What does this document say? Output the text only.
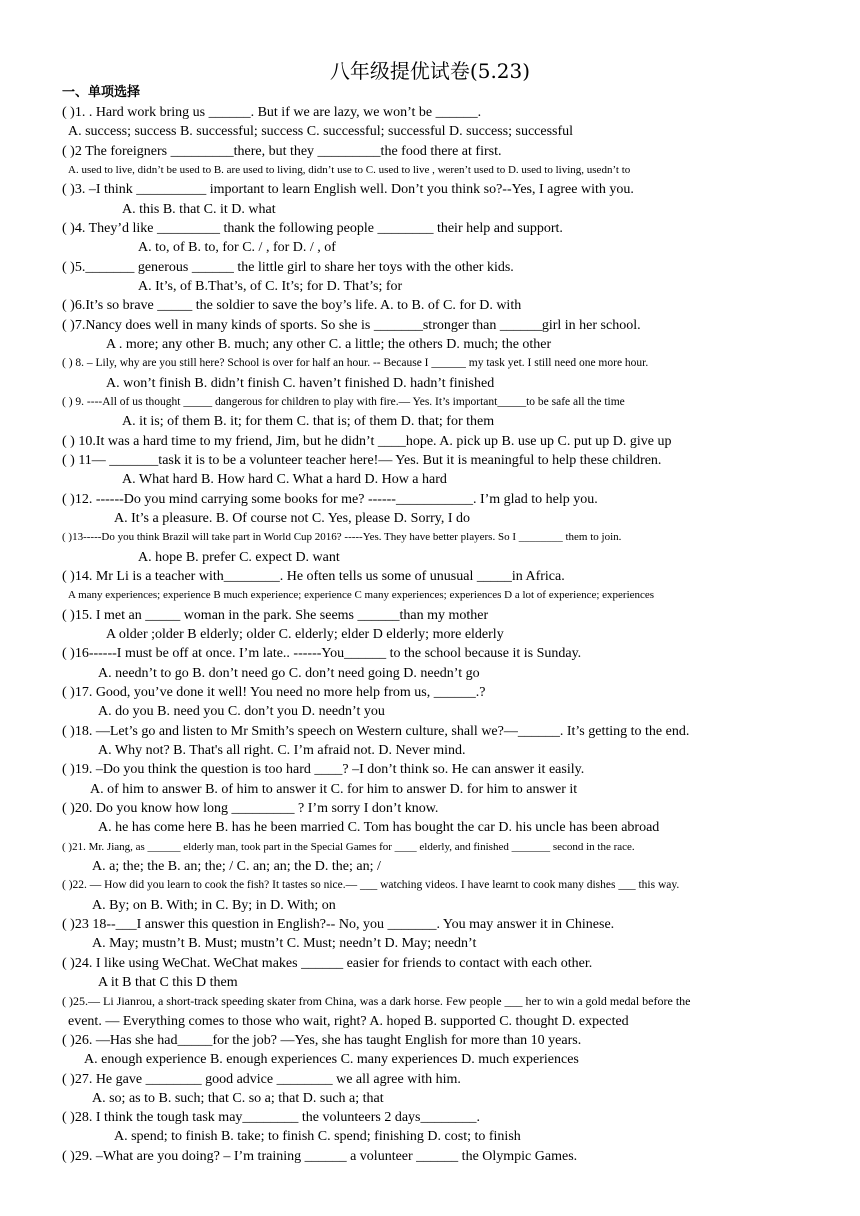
八年级提优试卷(5.23)
一、单项选择
( )1. . Hard work bring us ______. But if we are lazy, we won’t be ______.
A. success; success B. successful; success C. successful; successful D. success; successful
( )2 The foreigners _________there, but they _________the food there at first.
A. used to live, didn’t be used to B. are used to living, didn’t use to C. used to live , weren’t used to D. used to living, usedn’t to
( )3. –I think __________ important to learn English well. Don’t you think so?--Yes, I agree with you.
A. this B. that C. it D. what
( )4. They’d like _________ thank the following people ________ their help and support.
A. to, of B. to, for C. / , for D. / , of
( )5._______ generous ______ the little girl to share her toys with the other kids.
A. It’s, of B.That’s, of C. It’s; for D. That’s; for
( )6.It’s so brave _____ the soldier to save the boy’s life. A. to B. of C. for D. with
( )7.Nancy does well in many kinds of sports. So she is _______stronger than ______girl in her school.
A . more; any other B. much; any other C. a little; the others D. much; the other
( ) 8. – Lily, why are you still here? School is over for half an hour. -- Because I ______ my task yet. I still need one more hour.
A. won’t finish B. didn’t finish C. haven’t finished D. hadn’t finished
( ) 9. ----All of us thought _____ dangerous for children to play with fire.— Yes. It’s important_____to be safe all the time
A. it is; of them B. it; for them C. that is; of them D. that; for them
( ) 10.It was a hard time to my friend, Jim, but he didn’t ____hope. A. pick up B. use up C. put up D. give up
( ) 11— _______task it is to be a volunteer teacher here!— Yes. But it is meaningful to help these children.
A. What hard B. How hard C. What a hard D. How a hard
( )12. ------Do you mind carrying some books for me? ------___________. I’m glad to help you.
A. It’s a pleasure. B. Of course not C. Yes, please D. Sorry, I do
( )13-----Do you think Brazil will take part in World Cup 2016? -----Yes. They have better players. So I ________ them to join.
A. hope B. prefer C. expect D. want
( )14. Mr Li is a teacher with________. He often tells us some of unusual _____in Africa.
A many experiences; experience B much experience; experience C many experiences; experiences D a lot of experience; experiences
( )15. I met an _____ woman in the park. She seems ______than my mother
A older ;older B elderly; older C. elderly; elder D elderly; more elderly
( )16------I must be off at once. I’m late.. ------You______ to the school because it is Sunday.
A. needn’t to go B. don’t need go C. don’t need going D. needn’t go
( )17. Good, you’ve done it well! You need no more help from us, ______.?
A. do you B. need you C. don’t you D. needn’t you
( )18. —Let’s go and listen to Mr Smith’s speech on Western culture, shall we?—______. It’s getting to the end.
A. Why not? B. That's all right. C. I’m afraid not. D. Never mind.
( )19. –Do you think the question is too hard ____? –I don’t think so. He can answer it easily.
A. of him to answer B. of him to answer it C. for him to answer D. for him to answer it
( )20. Do you know how long _________ ? I’m sorry I don’t know.
A. he has come here B. has he been married C. Tom has bought the car D. his uncle has been abroad
( )21. Mr. Jiang, as ______ elderly man, took part in the Special Games for ____ elderly, and finished _______ second in the race.
A. a; the; the B. an; the; / C. an; an; the D. the; an; /
( )22. — How did you learn to cook the fish? It tastes so nice.— ___ watching videos. I have learnt to cook many dishes ___ this way.
A. By; on B. With; in C. By; in D. With; on
( )23 18--___I answer this question in English?-- No, you _______. You may answer it in Chinese.
A. May; mustn’t B. Must; mustn’t C. Must; needn’t D. May; needn’t
( )24. I like using WeChat. WeChat makes ______ easier for friends to contact with each other.
A it B that C this D them
( )25.— Li Jianrou, a short-track speeding skater from China, was a dark horse. Few people ___ her to win a gold medal before the
event. — Everything comes to those who wait, right? A. hoped B. supported C. thought D. expected
( )26. —Has she had_____for the job? —Yes, she has taught English for more than 10 years.
A. enough experience B. enough experiences C. many experiences D. much experiences
( )27. He gave ________ good advice ________ we all agree with him.
A. so; as to B. such; that C. so a; that D. such a; that
( )28. I think the tough task may________ the volunteers 2 days________.
A. spend; to finish B. take; to finish C. spend; finishing D. cost; to finish
( )29. –What are you doing? – I’m training ______ a volunteer ______ the Olympic Games.
